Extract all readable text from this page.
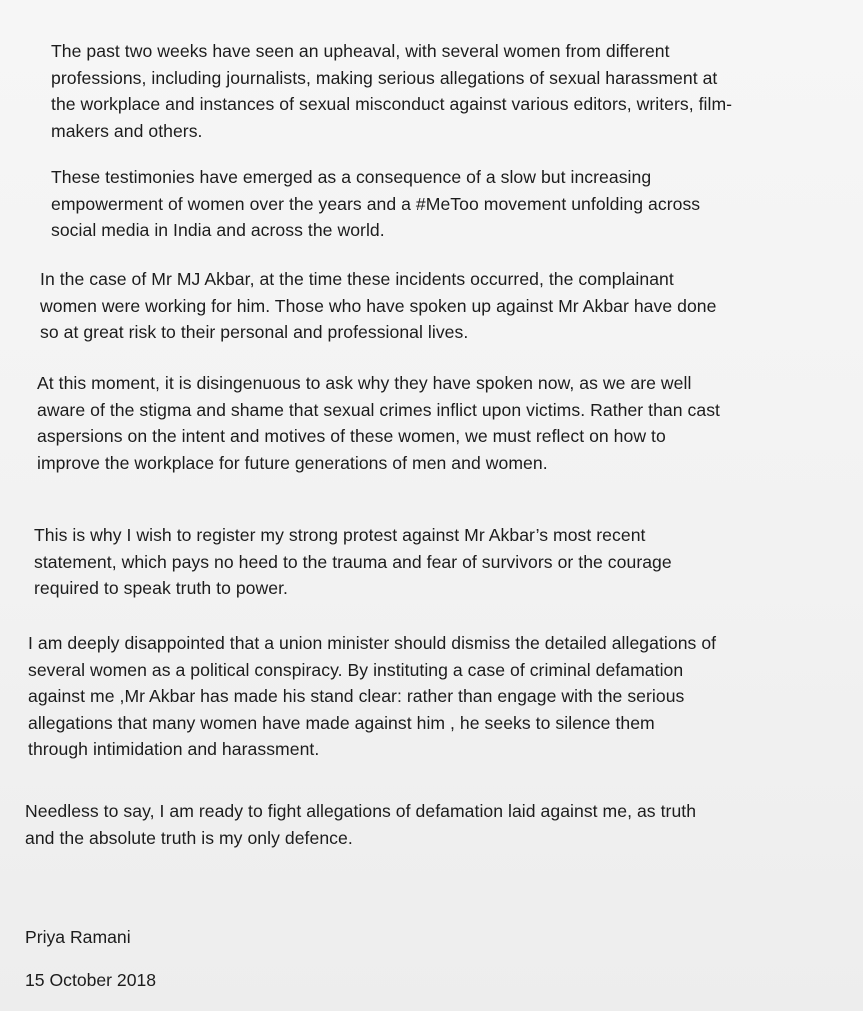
The past two weeks have seen an upheaval, with several women from different
professions, including journalists, making serious allegations of sexual harassment at
the workplace and instances of sexual misconduct against various editors, writers, film-
makers and others.

These testimonies have emerged as a consequence of a slow but increasing
empowerment of women over the years and a #MeToo movement unfolding across
social media in India and across the world.

In the case of Mr MJ Akbar, at the time these incidents occurred, the complainant
women were working for him. Those who have spoken up against Mr Akbar have done
so at great risk to their personal and professional lives.

At this moment, it is disingenuous to ask why they have spoken now, as we are well
aware of the stigma and shame that sexual crimes inflict upon victims. Rather than cast
aspersions on the intent and motives of these women, we must reflect on how to
improve the workplace for future generations of men and women.

This is why I wish to register my strong protest against Mr Akbar’s most recent
statement, which pays no heed to the trauma and fear of survivors or the courage
required to speak truth to power.

I am deeply disappointed that a union minister should dismiss the detailed allegations of
several women as a political conspiracy. By instituting a case of criminal defamation
against me ,Mr Akbar has made his stand clear: rather than engage with the serious
allegations that many women have made against him , he seeks to silence them
through intimidation and harassment.

Needless to say, I am ready to fight allegations of defamation laid against me, as truth
and the absolute truth is my only defence.

Priya Ramani

15 October 2018
